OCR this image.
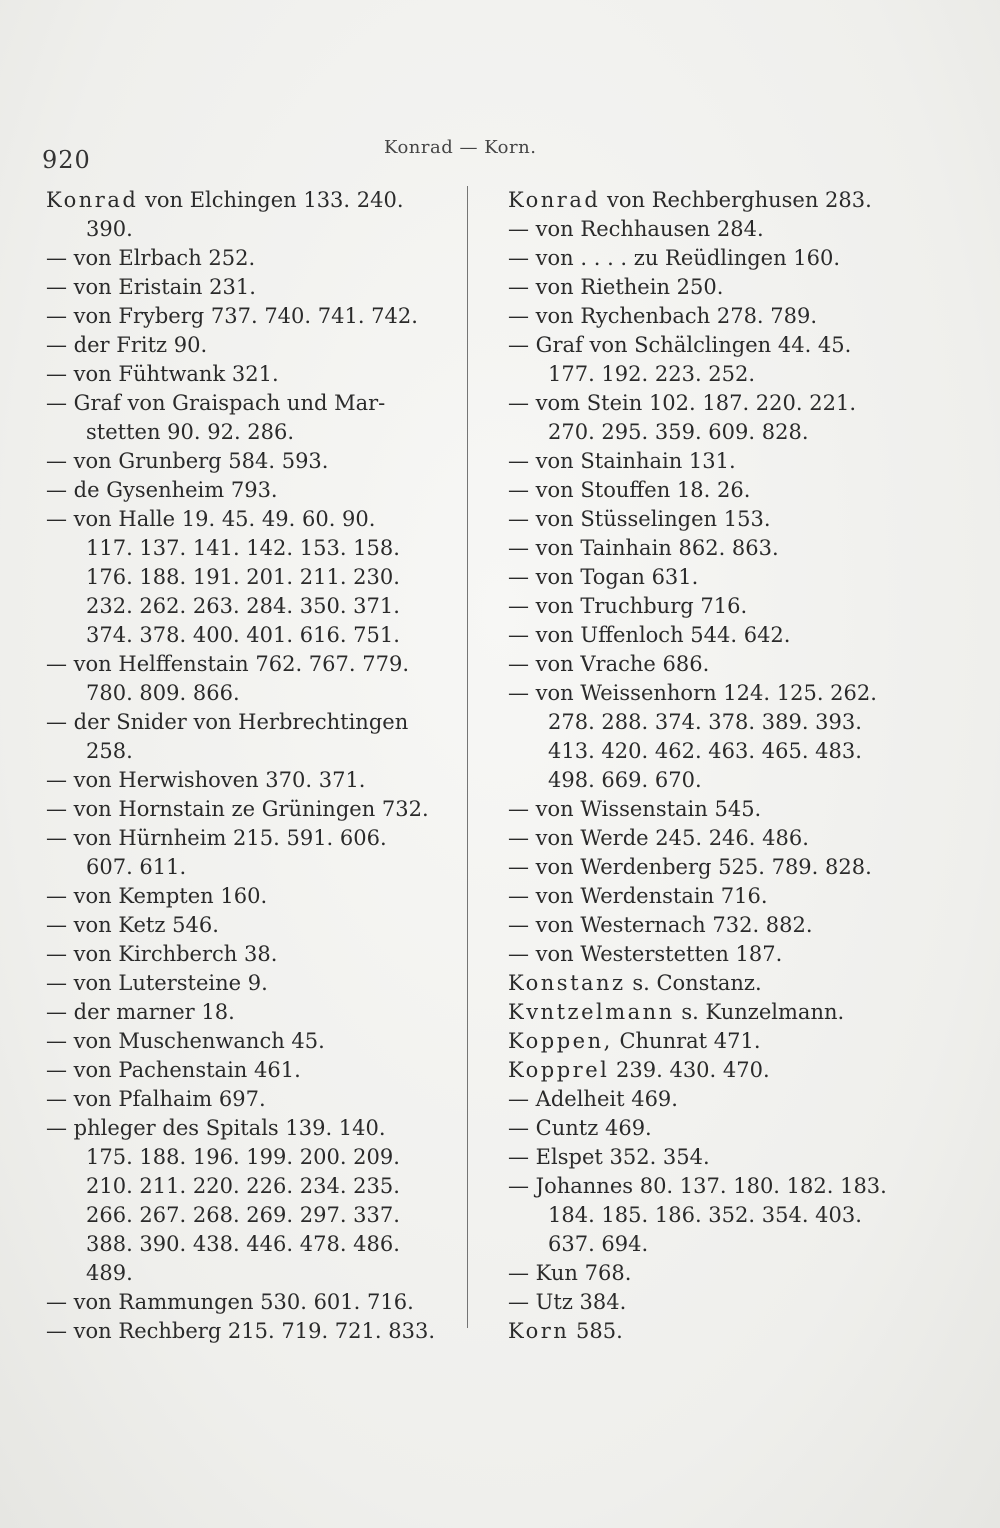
920	Konrad — Korn.
Konrad von Elchingen 133. 240.
390.
— von Elrbach 252.
— von Eristain 231.
— von Fryberg 737. 740. 741. 742.
— der Fritz 90.
— von Fühtwank 321.
— Graf von Graispach und Mar-
stetten 90. 92. 286.
— von Grunberg 584. 593.
— de Gysenheim 793.
— von Halle 19. 45. 49. 60. 90.
117. 137. 141. 142. 153. 158.
176. 188. 191. 201. 211. 230.
232. 262. 263. 284. 350. 371.
374. 378. 400. 401. 616. 751.
— von Helffenstain 762. 767. 779.
780. 809. 866.
— der Snider von Herbrechtingen
258.
— von Herwishoven 370. 371.
— von Hornstain ze Grüningen 732.
— von Hürnheim 215. 591. 606.
607. 611.
— von Kempten 160.
— von Ketz 546.
— von Kirchberch 38.
— von Lutersteine 9.
— der marner 18.
— von Muschenwanch 45.
— von Pachenstain 461.
— von Pfalhaim 697.
— phleger des Spitals 139. 140.
175. 188. 196. 199. 200. 209.
210. 211. 220. 226. 234. 235.
266. 267. 268. 269. 297. 337.
388. 390. 438. 446. 478. 486.
489.
— von Rammungen 530. 601. 716.
— von Rechberg 215. 719. 721. 833.
Konrad von Rechberghusen 283.
— von Rechhausen 284.
— von . . . . zu Reüdlingen 160.
— von Riethein 250.
— von Rychenbach 278. 789.
— Graf von Schälclingen 44. 45.
177. 192. 223. 252.
— vom Stein 102. 187. 220. 221.
270. 295. 359. 609. 828.
— von Stainhain 131.
— von Stouffen 18. 26.
— von Stüsselingen 153.
— von Tainhain 862. 863.
— von Togan 631.
— von Truchburg 716.
— von Uffenloch 544. 642.
— von Vrache 686.
— von Weissenhorn 124. 125. 262.
278. 288. 374. 378. 389. 393.
413. 420. 462. 463. 465. 483.
498. 669. 670.
— von Wissenstain 545.
— von Werde 245. 246. 486.
— von Werdenberg 525. 789. 828.
— von Werdenstain 716.
— von Westernach 732. 882.
— von Westerstetten 187.
Konstanz s. Constanz.
Kvntzelmann s. Kunzelmann.
Koppen, Chunrat 471.
Kopprel 239. 430. 470.
— Adelheit 469.
— Cuntz 469.
— Elspet 352. 354.
— Johannes 80. 137. 180. 182. 183.
184. 185. 186. 352. 354. 403.
637. 694.
— Kun 768.
— Utz 384.
Korn 585.
